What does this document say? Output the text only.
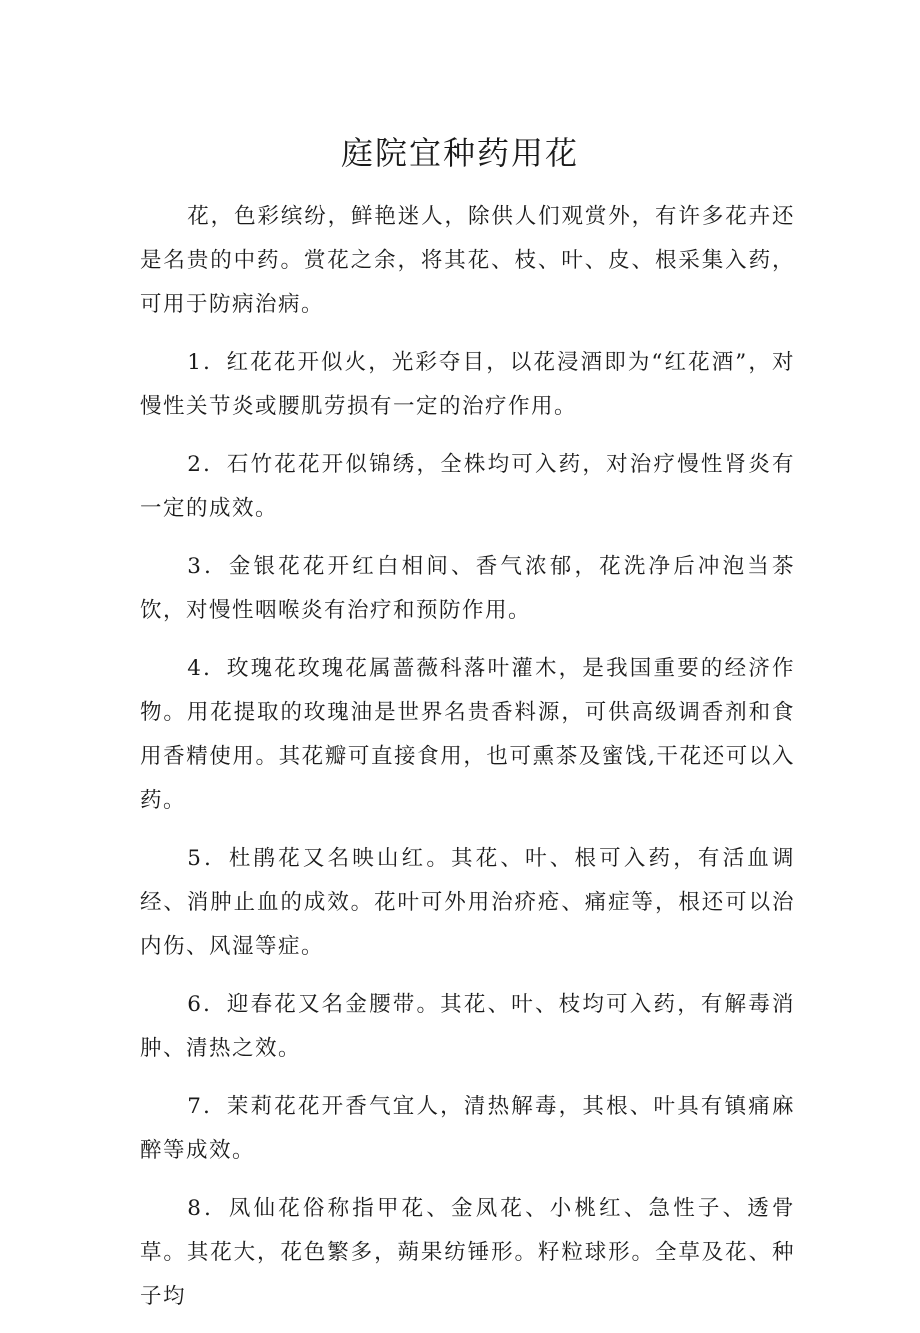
庭院宜种药用花

花，色彩缤纷，鲜艳迷人，除供人们观赏外，有许多花卉还是名贵的中药。赏花之余，将其花、枝、叶、皮、根采集入药，可用于防病治病。

1．红花花开似火，光彩夺目，以花浸酒即为“红花酒”，对慢性关节炎或腰肌劳损有一定的治疗作用。

2．石竹花花开似锦绣，全株均可入药，对治疗慢性肾炎有一定的成效。

3．金银花花开红白相间、香气浓郁，花洗净后冲泡当茶饮，对慢性咽喉炎有治疗和预防作用。

4．玫瑰花玫瑰花属蔷薇科落叶灌木，是我国重要的经济作物。用花提取的玫瑰油是世界名贵香料源，可供高级调香剂和食用香精使用。其花瓣可直接食用，也可熏茶及蜜饯,干花还可以入药。

5．杜鹃花又名映山红。其花、叶、根可入药，有活血调经、消肿止血的成效。花叶可外用治疥疮、痛症等，根还可以治内伤、风湿等症。

6．迎春花又名金腰带。其花、叶、枝均可入药，有解毒消肿、清热之效。

7．茉莉花花开香气宜人，清热解毒，其根、叶具有镇痛麻醉等成效。

8．凤仙花俗称指甲花、金凤花、小桃红、急性子、透骨草。其花大，花色繁多，蒴果纺锤形。籽粒球形。全草及花、种子均
